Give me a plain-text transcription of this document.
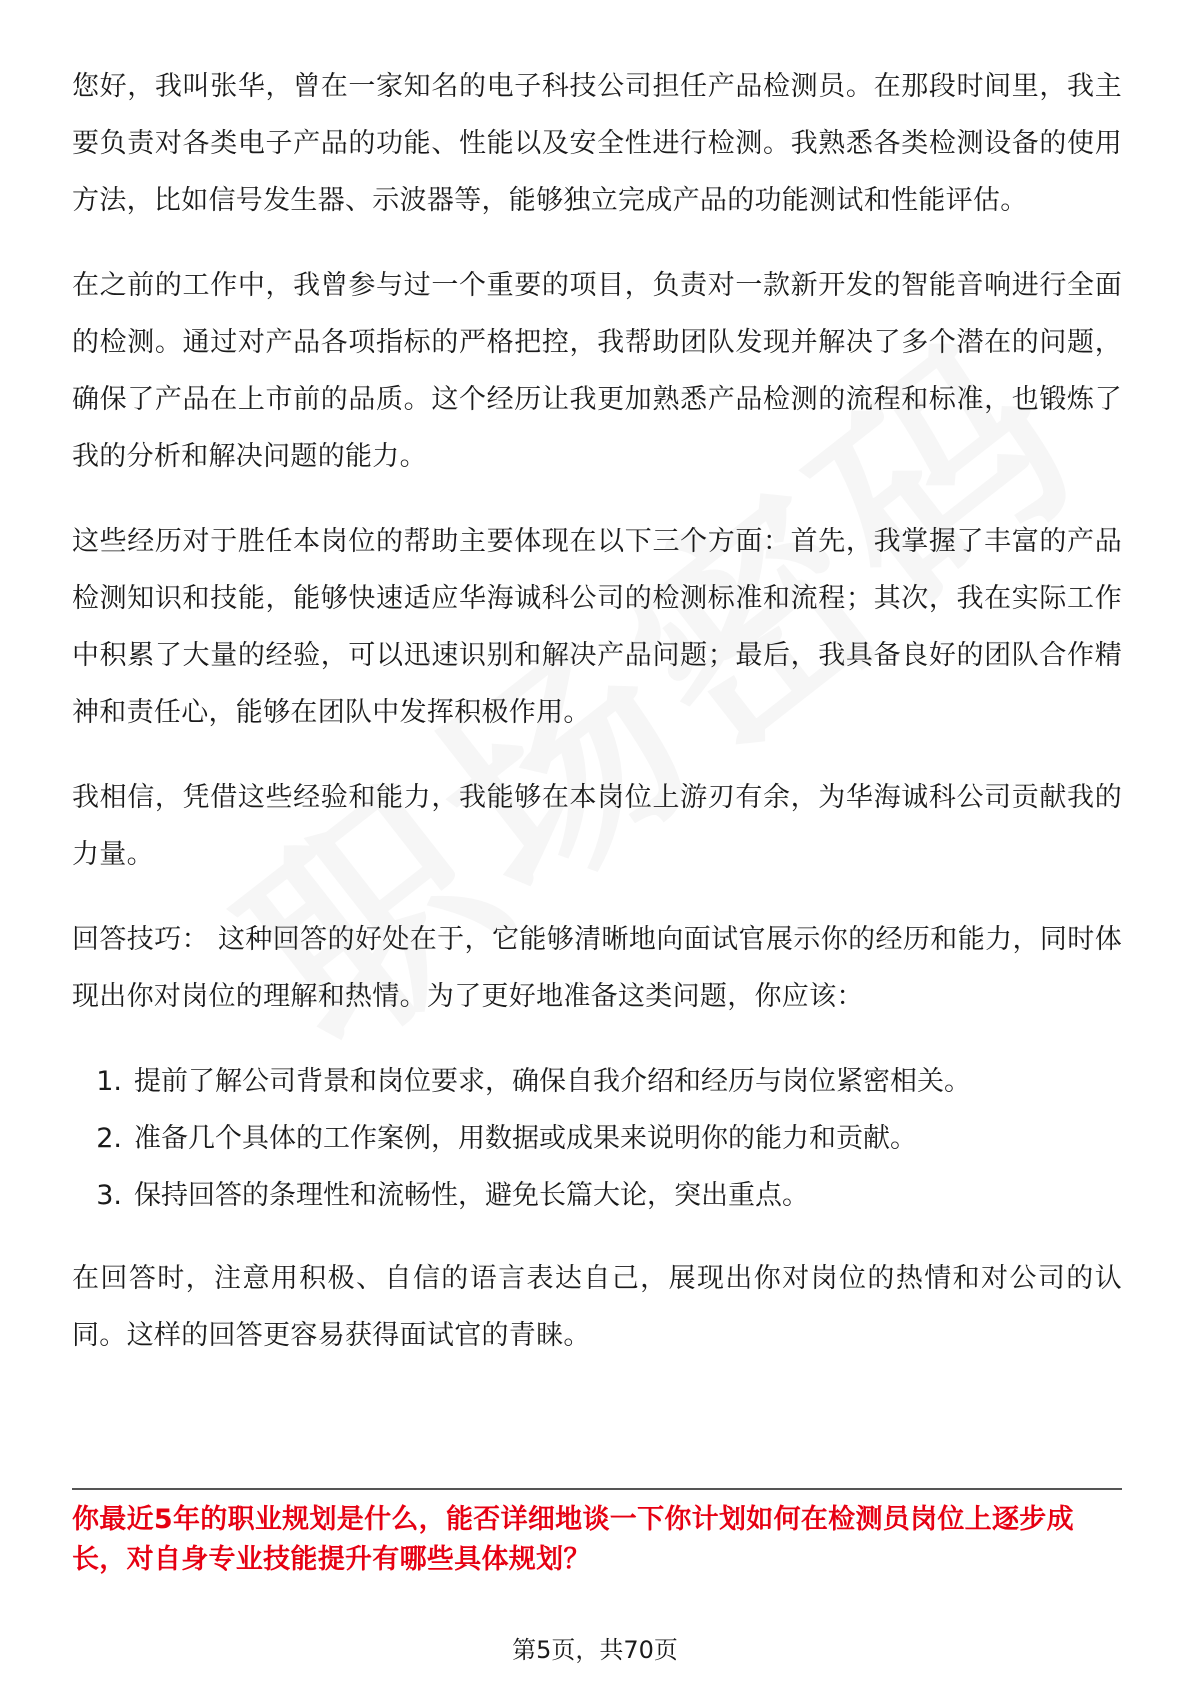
您好，我叫张华，曾在一家知名的电子科技公司担任产品检测员。在那段时间里，我主要负责对各类电子产品的功能、性能以及安全性进行检测。我熟悉各类检测设备的使用方法，比如信号发生器、示波器等，能够独立完成产品的功能测试和性能评估。

在之前的工作中，我曾参与过一个重要的项目，负责对一款新开发的智能音响进行全面的检测。通过对产品各项指标的严格把控，我帮助团队发现并解决了多个潜在的问题，确保了产品在上市前的品质。这个经历让我更加熟悉产品检测的流程和标准，也锻炼了我的分析和解决问题的能力。

这些经历对于胜任本岗位的帮助主要体现在以下三个方面：首先，我掌握了丰富的产品检测知识和技能，能够快速适应华海诚科公司的检测标准和流程；其次，我在实际工作中积累了大量的经验，可以迅速识别和解决产品问题；最后，我具备良好的团队合作精神和责任心，能够在团队中发挥积极作用。

我相信，凭借这些经验和能力，我能够在本岗位上游刃有余，为华海诚科公司贡献我的力量。

回答技巧： 这种回答的好处在于，它能够清晰地向面试官展示你的经历和能力，同时体现出你对岗位的理解和热情。为了更好地准备这类问题，你应该：

1. 提前了解公司背景和岗位要求，确保自我介绍和经历与岗位紧密相关。
2. 准备几个具体的工作案例，用数据或成果来说明你的能力和贡献。
3. 保持回答的条理性和流畅性，避免长篇大论，突出重点。

在回答时，注意用积极、自信的语言表达自己，展现出你对岗位的热情和对公司的认同。这样的回答更容易获得面试官的青睐。

你最近5年的职业规划是什么，能否详细地谈一下你计划如何在检测员岗位上逐步成长，对自身专业技能提升有哪些具体规划？
第5页，共70页
